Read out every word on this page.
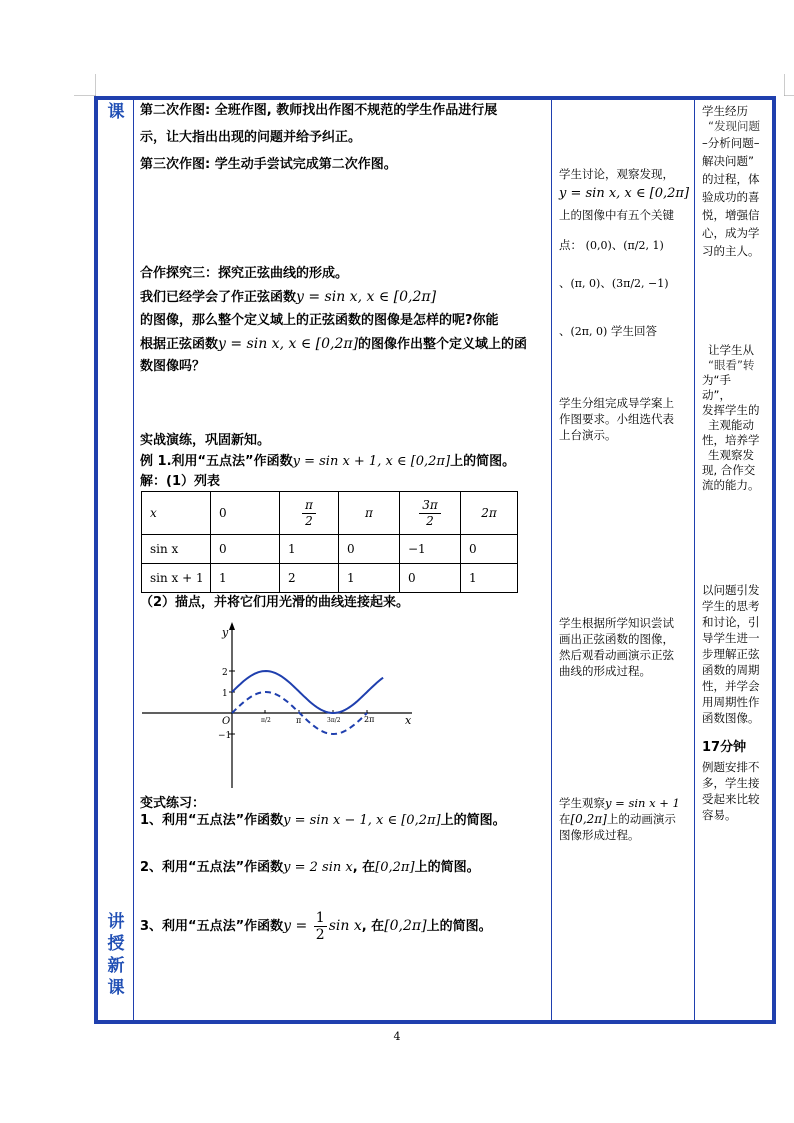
课
讲
授
新
课
第二次作图: 全班作图, 教师找出作图不规范的学生作品进行展
示，让大指出出现的问题并给予纠正。
第三次作图: 学生动手尝试完成第二次作图。
合作探究三：探究正弦曲线的形成。
我们已经学会了作正弦函数y = sin x, x ∈ [0,2π]
的图像，那么整个定义域上的正弦函数的图像是怎样的呢?你能
根据正弦函数y = sin x, x ∈ [0,2π]的图像作出整个定义域上的函
数图像吗？
实战演练，巩固新知。
例 1.利用“五点法”作函数y = sin x + 1, x ∈ [0,2π]上的简图。
解：(1）列表
x	0	$\frac{\pi}{2}$	π	$\frac{3\pi}{2}$	2π
sin x	0	1	0	−1	0
sin x + 1	1	2	1	0	1
（2）描点，并将它们用光滑的曲线连接起来。
y
x
O
2
1
−1
π/2	π	3π/2	2π
变式练习：
1、利用“五点法”作函数y = sin x − 1, x ∈ [0,2π]上的简图。
2、利用“五点法”作函数y = 2 sin x, 在[0,2π]上的简图。
3、利用“五点法”作函数$y = \frac{1}{2}$ sin x, 在[0,2π]上的简图。
学生讨论，观察发现，
y = sin x, x ∈ [0,2π]
上的图像中有五个关键
点： (0,0)、(π/2, 1)
、(π, 0)、(3π/2, −1)
、(2π, 0) 学生回答
学生分组完成导学案上
作图要求。小组选代表
上台演示。
学生根据所学知识尝试
画出正弦函数的图像，
然后观看动画演示正弦
曲线的形成过程。
学生观察y = sin x + 1
在[0,2π]上的动画演示
图像形成过程。
学生经历
“发现问题
–分析问题–
解决问题”
的过程，体
验成功的喜
悦，增强信
心，成为学
习的主人。
让学生从
“眼看”转
为“手
动”，
发挥学生的
主观能动
性，培养学
生观察发
现, 合作交
流的能力。
以问题引发
学生的思考
和讨论，引
导学生进一
步理解正弦
函数的周期
性，并学会
用周期性作
函数图像。
17分钟
例题安排不
多，学生接
受起来比较
容易。
4
